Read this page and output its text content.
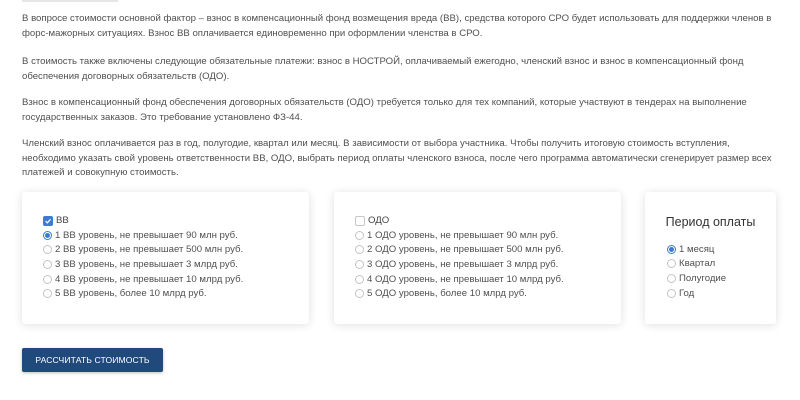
В вопросе стоимости основной фактор – взнос в компенсационный фонд возмещения вреда (ВВ), средства которого СРО будет использовать для поддержки членов в форс-мажорных ситуациях. Взнос ВВ оплачивается единовременно при оформлении членства в СРО.

В стоимость также включены следующие обязательные платежи: взнос в НОСТРОЙ, оплачиваемый ежегодно, членский взнос и взнос в компенсационный фонд обеспечения договорных обязательств (ОДО).

Взнос в компенсационный фонд обеспечения договорных обязательств (ОДО) требуется только для тех компаний, которые участвуют в тендерах на выполнение государственных заказов. Это требование установлено ФЗ-44.

Членский взнос оплачивается раз в год, полугодие, квартал или месяц. В зависимости от выбора участника. Чтобы получить итоговую стоимость вступления, необходимо указать свой уровень ответственности ВВ, ОДО, выбрать период оплаты членского взноса, после чего программа автоматически сгенерирует размер всех платежей и совокупную стоимость.

ВВ
1 ВВ уровень, не превышает 90 млн руб.
2 ВВ уровень, не превышает 500 млн руб.
3 ВВ уровень, не превышает 3 млрд руб.
4 ВВ уровень, не превышает 10 млрд руб.
5 ВВ уровень, более 10 млрд руб.
ОДО
1 ОДО уровень, не превышает 90 млн руб.
2 ОДО уровень, не превышает 500 млн руб.
3 ОДО уровень, не превышает 3 млрд руб.
4 ОДО уровень, не превышает 10 млрд руб.
5 ОДО уровень, более 10 млрд руб.
Период оплаты
1 месяц
Квартал
Полугодие
Год
РАССЧИТАТЬ СТОИМОСТЬ
